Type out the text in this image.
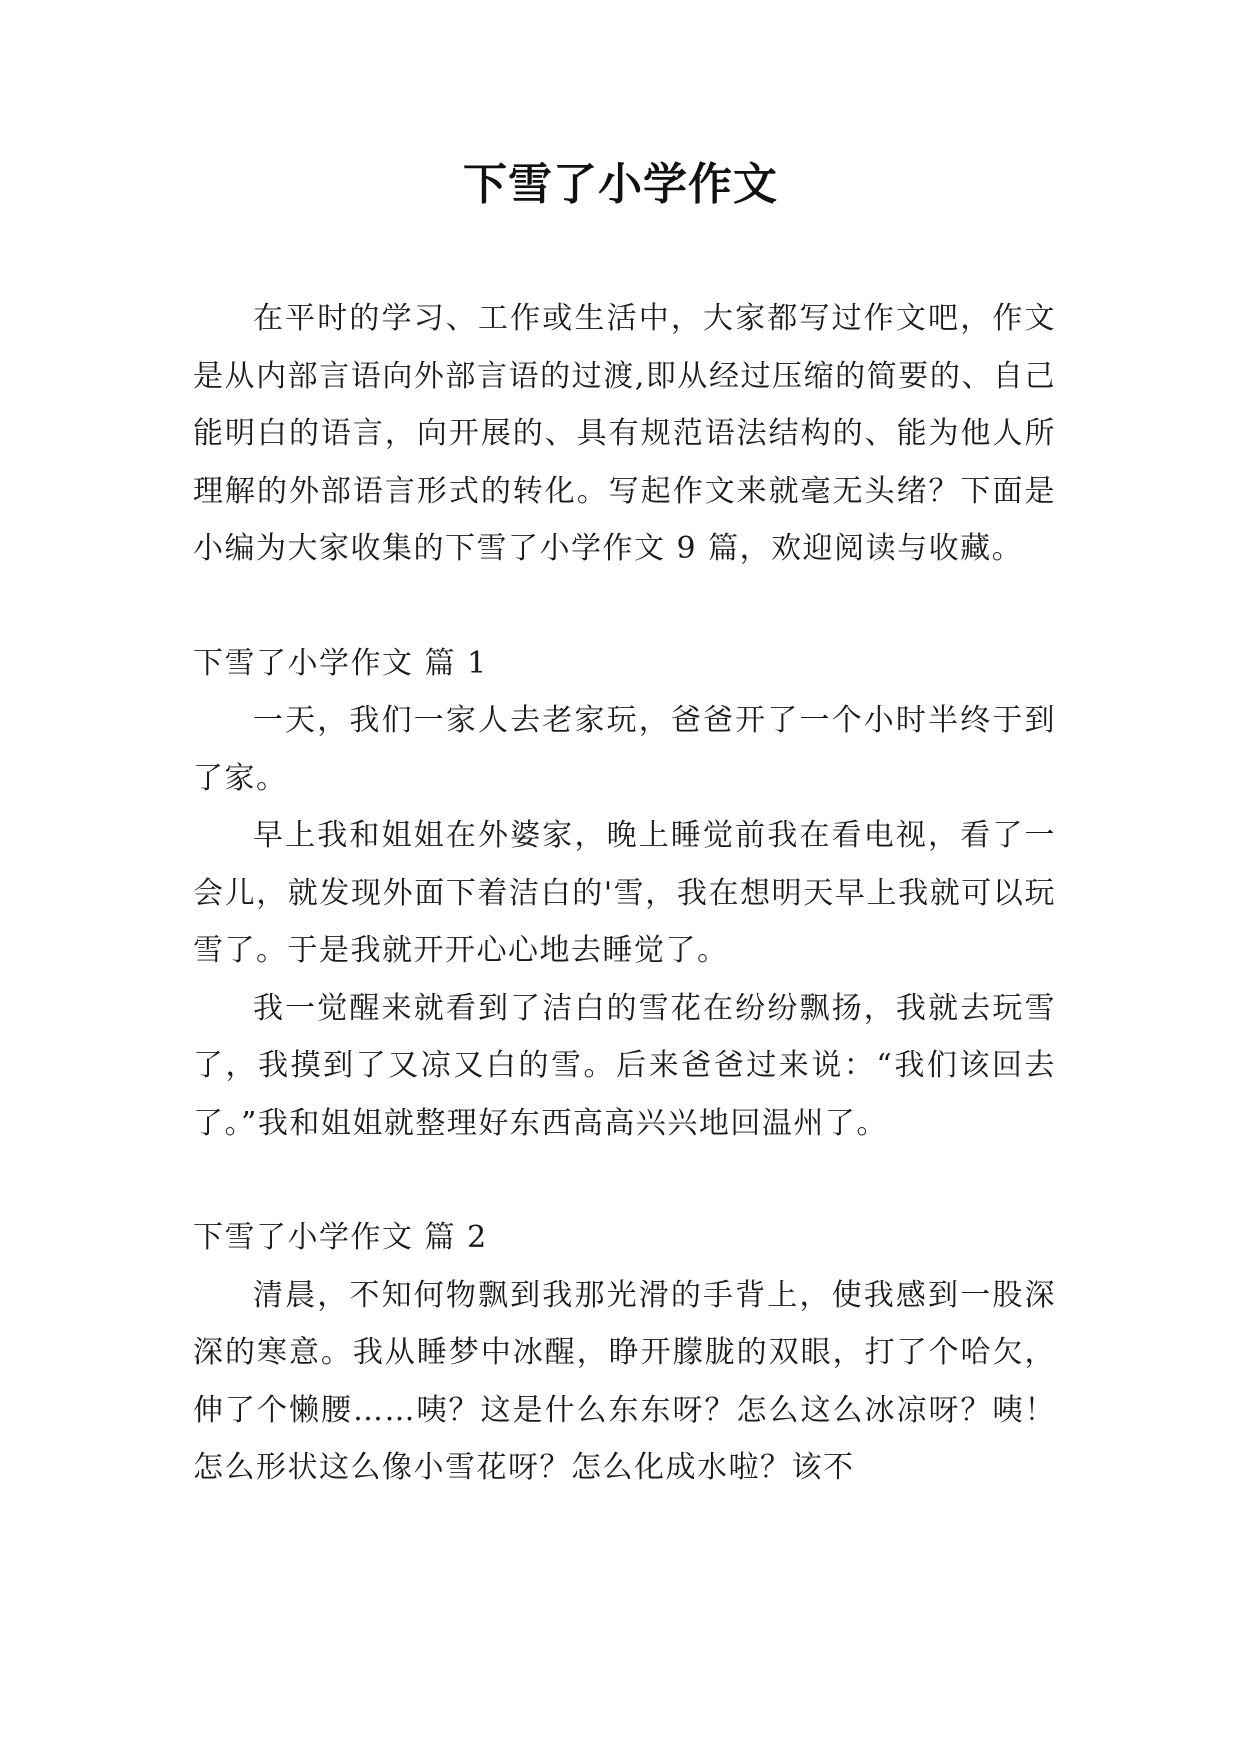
下雪了小学作文

在平时的学习、工作或生活中，大家都写过作文吧，作文是从内部言语向外部言语的过渡,即从经过压缩的简要的、自己能明白的语言，向开展的、具有规范语法结构的、能为他人所理解的外部语言形式的转化。写起作文来就毫无头绪？下面是小编为大家收集的下雪了小学作文 9 篇，欢迎阅读与收藏。

下雪了小学作文 篇 1

一天，我们一家人去老家玩，爸爸开了一个小时半终于到了家。

早上我和姐姐在外婆家，晚上睡觉前我在看电视，看了一会儿，就发现外面下着洁白的'雪，我在想明天早上我就可以玩雪了。于是我就开开心心地去睡觉了。

我一觉醒来就看到了洁白的雪花在纷纷飘扬，我就去玩雪了，我摸到了又凉又白的雪。后来爸爸过来说：“我们该回去了。”我和姐姐就整理好东西高高兴兴地回温州了。

下雪了小学作文 篇 2

清晨，不知何物飘到我那光滑的手背上，使我感到一股深深的寒意。我从睡梦中冰醒，睁开朦胧的双眼，打了个哈欠，伸了个懒腰……咦？这是什么东东呀？怎么这么冰凉呀？咦！怎么形状这么像小雪花呀？怎么化成水啦？该不
